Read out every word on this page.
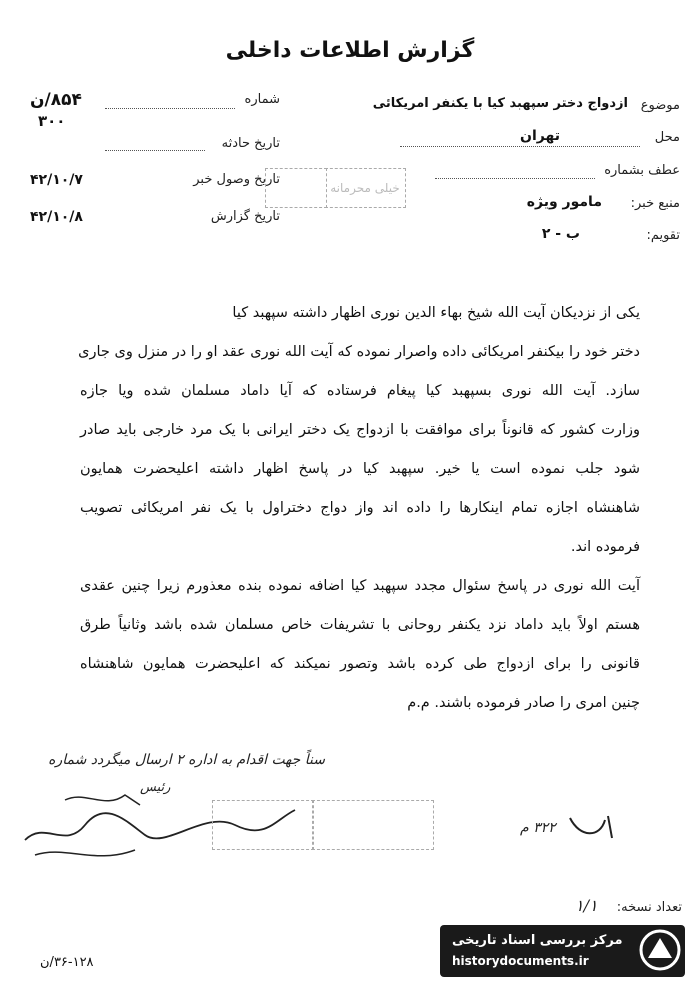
گزارش اطلاعات داخلی
شماره
۸۵۴/ن
۳۰۰
تاریخ حادثه
تاریخ وصول خبر
۴۲/۱۰/۷
تاریخ گزارش
۴۲/۱۰/۸
خیلی محرمانه
موضوع
ازدواج دختر سپهبد کیا با یکنفر امریکائی
محل
تهران
عطف بشماره
منبع خبر:
مامور ویژه
تقویم:
ب - ۲
یکی از نزدیکان آیت الله شیخ بهاء الدین نوری اظهار داشته سپهبد کیا
دختر خود را بیکنفر امریکائی داده واصرار نموده که آیت الله نوری عقد او را در منزل وی جاری
سازد. آیت الله نوری بسپهبد کیا پیغام فرستاده که آیا داماد مسلمان شده ویا جازه
وزارت کشور که قانوناً برای موافقت با ازدواج یک دختر ایرانی با یک مرد خارجی باید صادر
شود جلب نموده است یا خیر. سپهبد کیا در پاسخ اظهار داشته اعلیحضرت همایون
شاهنشاه اجازه تمام اینکارها را داده اند واز دواج دختراول با یک نفر امریکائی تصویب
فرموده اند.
آیت الله نوری در پاسخ سئوال مجدد سپهبد کیا اضافه نموده بنده معذورم زیرا چنین عقدی
هستم اولاً باید داماد نزد یکنفر روحانی با تشریفات خاص مسلمان شده باشد وثانیاً طرق
قانونی را برای ازدواج طی کرده باشد وتصور نمیکند که اعلیحضرت همایون شاهنشاه
چنین امری را صادر فرموده باشند. م.م
سناً جهت اقدام به اداره ۲ ارسال میگردد شماره
۳۲۲ م
رئیس
تعداد نسخه:
۱/۱
۳۶-۱۲۸/ن
مرکز بررسی اسناد تاریخی
historydocuments.ir
